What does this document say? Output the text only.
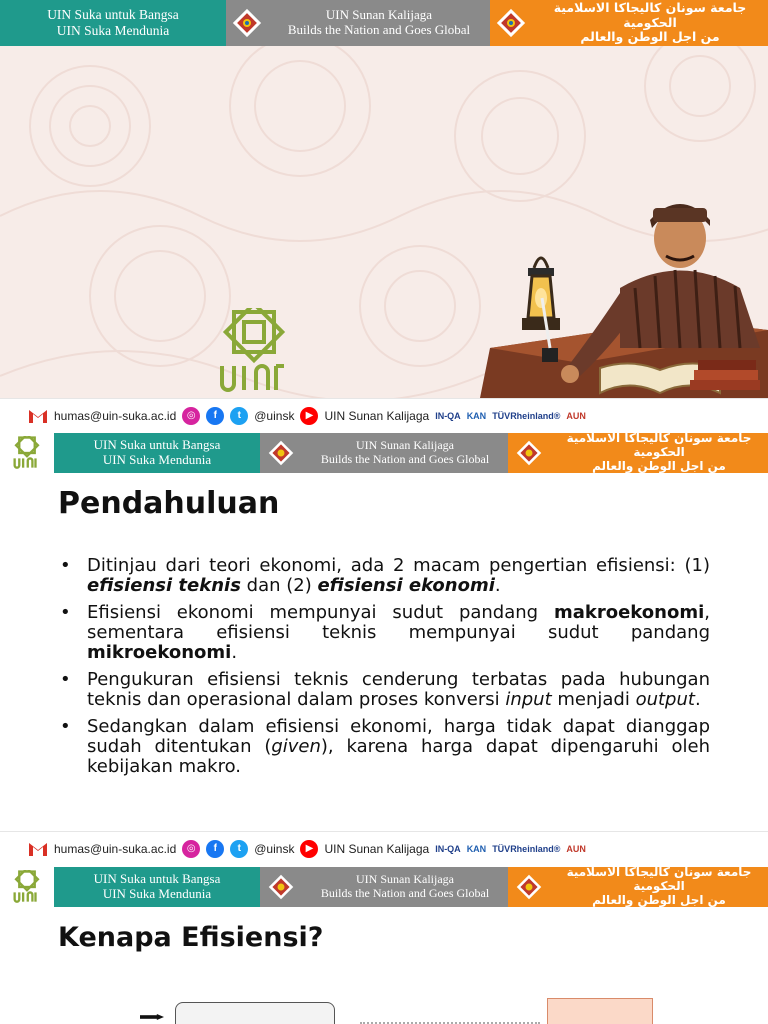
UIN Suka untuk Bangsa
UIN Suka Mendunia
UIN Sunan Kalijaga
Builds the Nation and Goes Global
جامعة سونان كاليجاكا الاسلامية الحكومية
من اجل الوطن والعالم
humas@uin-suka.ac.id	◎	f	t	@uinsk	▶ UIN Sunan Kalijaga IN-QA KAN TÜVRheinland® AUN
UIN Suka untuk Bangsa
UIN Suka Mendunia
UIN Sunan Kalijaga
Builds the Nation and Goes Global
جامعة سونان كاليجاكا الاسلامية الحكومية
من اجل الوطن والعالم
Pendahuluan
• Ditinjau dari teori ekonomi, ada 2 macam pengertian efisiensi: (1) efisiensi teknis dan (2) efisiensi ekonomi.
• Efisiensi ekonomi mempunyai sudut pandang makroekonomi, sementara efisiensi teknis mempunyai sudut pandang mikroekonomi.
• Pengukuran efisiensi teknis cenderung terbatas pada hubungan teknis dan operasional dalam proses konversi input menjadi output.
• Sedangkan dalam efisiensi ekonomi, harga tidak dapat dianggap sudah ditentukan (given), karena harga dapat dipengaruhi oleh kebijakan makro.
humas@uin-suka.ac.id	◎	f	t	@uinsk	▶ UIN Sunan Kalijaga IN-QA KAN TÜVRheinland® AUN
UIN Suka untuk Bangsa
UIN Suka Mendunia
UIN Sunan Kalijaga
Builds the Nation and Goes Global
جامعة سونان كاليجاكا الاسلامية الحكومية
من اجل الوطن والعالم
Kenapa Efisiensi?
